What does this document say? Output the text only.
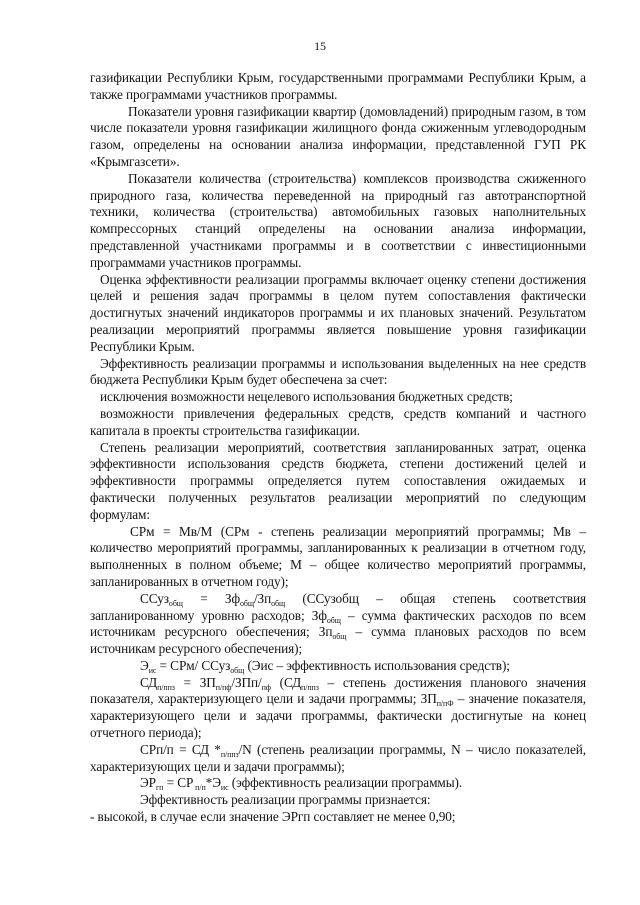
15

газификации Республики Крым, государственными программами Республики Крым, а также программами участников программы.

Показатели уровня газификации квартир (домовладений) природным газом, в том числе показатели уровня газификации жилищного фонда сжиженным углеводородным газом, определены на основании анализа информации, представленной ГУП РК «Крымгазсети».

Показатели количества (строительства) комплексов производства сжиженного природного газа, количества переведенной на природный газ автотранспортной техники, количества (строительства) автомобильных газовых наполнительных компрессорных станций определены на основании анализа информации, представленной участниками программы и в соответствии с инвестиционными программами участников программы.

Оценка эффективности реализации программы включает оценку степени достижения целей и решения задач программы в целом путем сопоставления фактически достигнутых значений индикаторов программы и их плановых значений. Результатом реализации мероприятий программы является повышение уровня газификации Республики Крым.

Эффективность реализации программы и использования выделенных на нее средств бюджета Республики Крым будет обеспечена за счет:

исключения возможности нецелевого использования бюджетных средств;

возможности привлечения федеральных средств, средств компаний и частного капитала в проекты строительства газификации.

Степень реализации мероприятий, соответствия запланированных затрат, оценка эффективности использования средств бюджета, степени достижений целей и эффективности программы определяется путем сопоставления ожидаемых и фактически полученных результатов реализации мероприятий по следующим формулам:

СРм = Мв/М (СРм - степень реализации мероприятий программы; Мв – количество мероприятий программы, запланированных к реализации в отчетном году, выполненных в полном объеме; М – общее количество мероприятий программы, запланированных в отчетном году);

ССуз$_{общ}$ = $Зф_{общ}/Зп_{общ}$ (ССузобщ – общая степень соответствия запланированному уровню расходов; $Зф_{общ}$ – сумма фактических расходов по всем источникам ресурсного обеспечения; $Зп_{общ}$ – сумма плановых расходов по всем источникам ресурсного обеспечения);

$Э_{ис} = СРм/$ ССуз$_{общ}$ (Эис – эффективность использования средств);

$СД_{п/ппз} = ЗП_{п/пф}/ЗПп/_{пф}$ ($СД_{п/ппз}$ – степень достижения планового значения показателя, характеризующего цели и задачи программы; $ЗП_{п/пФ}$ – значение показателя, характеризующего цели и задачи программы, фактически достигнутые на конец отчетного периода);

СРп/п = СД $*_{п/ппз}/N$ (степень реализации программы, N – число показателей, характеризующих цели и задачи программы);

$ЭР_{гп}$ = СР $_{п/п}*Э_{ис}$ (эффективность реализации программы).

Эффективность реализации программы признается:

- высокой, в случае если значение ЭРгп составляет не менее 0,90;
